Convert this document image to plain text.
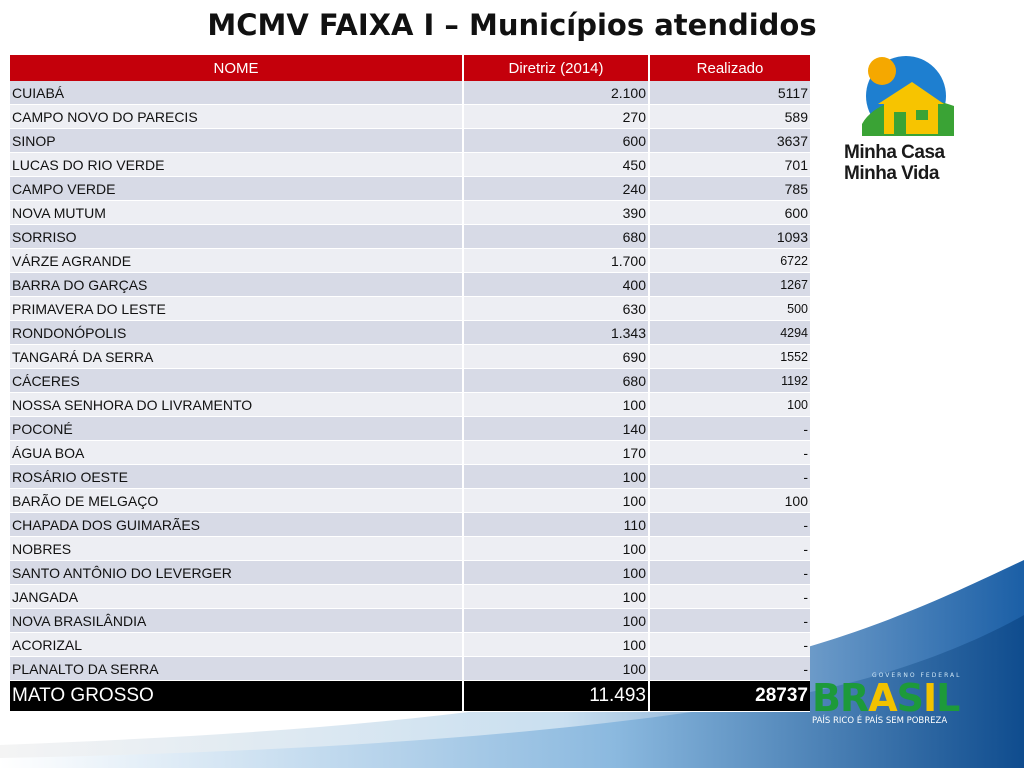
MCMV FAIXA I – Municípios atendidos
NOME	Diretriz (2014)	Realizado
CUIABÁ	2.100	5117
CAMPO NOVO DO PARECIS	270	589
SINOP	600	3637
LUCAS DO RIO VERDE	450	701
CAMPO VERDE	240	785
NOVA MUTUM	390	600
SORRISO	680	1093
VÁRZE AGRANDE	1.700	6722
BARRA DO GARÇAS	400	1267
PRIMAVERA DO LESTE	630	500
RONDONÓPOLIS	1.343	4294
TANGARÁ DA SERRA	690	1552
CÁCERES	680	1192
NOSSA SENHORA DO LIVRAMENTO	100	100
POCONÉ	140	-
ÁGUA BOA	170	-
ROSÁRIO OESTE	100	-
BARÃO DE MELGAÇO	100	100
CHAPADA DOS GUIMARÃES	110	-
NOBRES	100	-
SANTO ANTÔNIO DO LEVERGER	100	-
JANGADA	100	-
NOVA BRASILÂNDIA	100	-
ACORIZAL	100	-
PLANALTO DA SERRA	100	-
MATO GROSSO	11.493	28737
Minha Casa
Minha Vida
GOVERNO FEDERAL
BRASIL
PAÍS RICO É PAÍS SEM POBREZA
